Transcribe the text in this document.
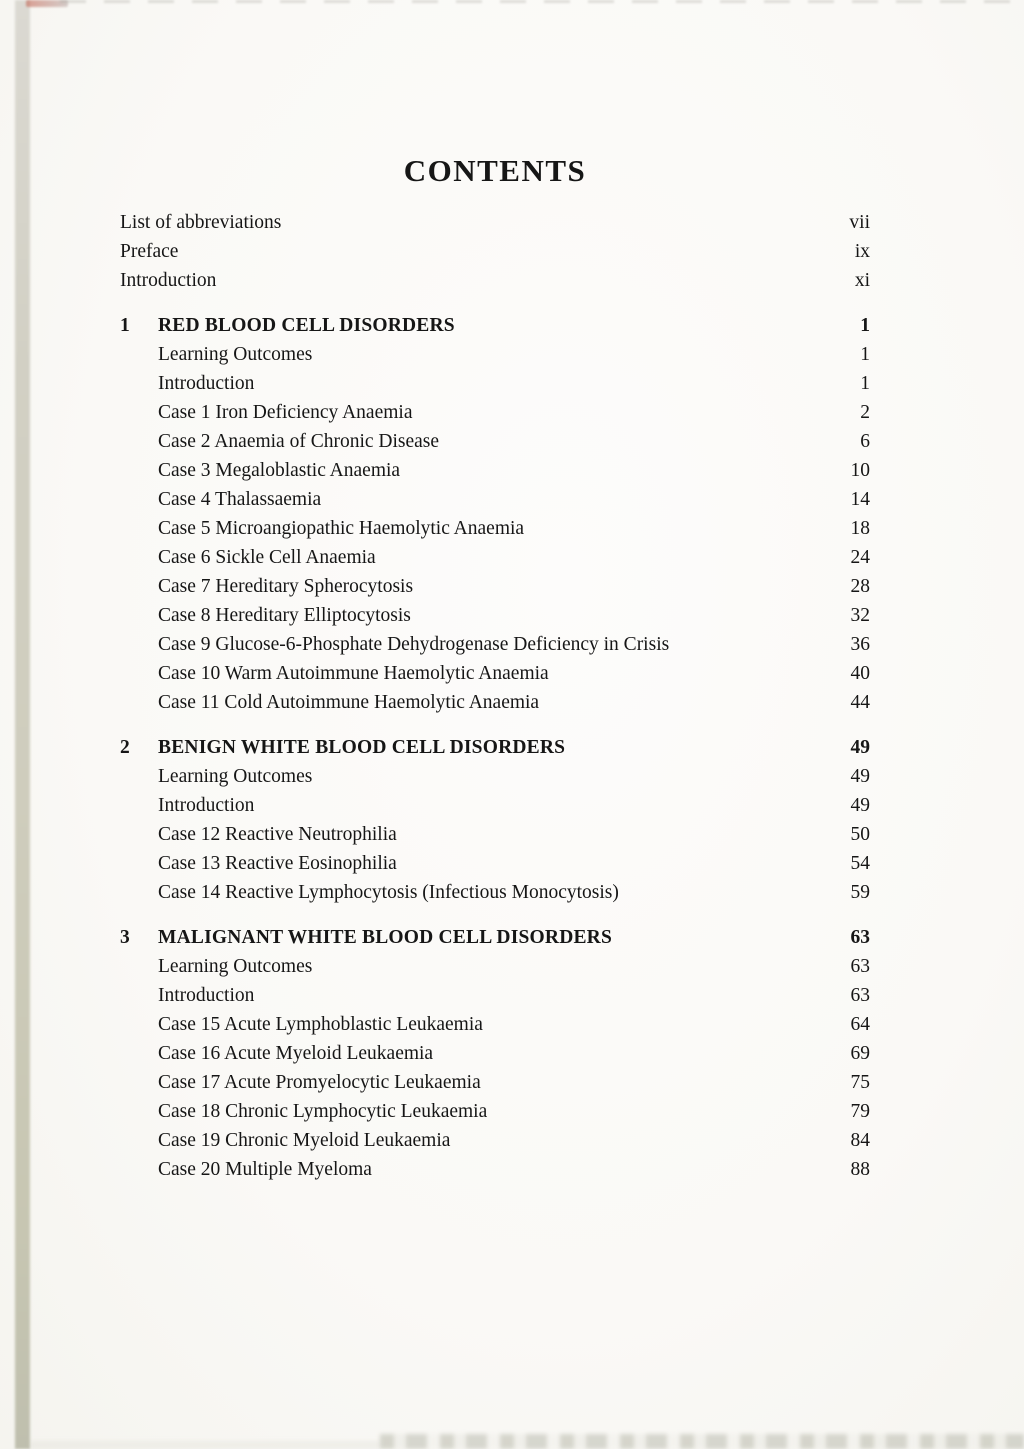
CONTENTS
List of abbreviations	vii
Preface	ix
Introduction	xi
1	RED BLOOD CELL DISORDERS	1
Learning Outcomes	1
Introduction	1
Case 1 Iron Deficiency Anaemia	2
Case 2 Anaemia of Chronic Disease	6
Case 3 Megaloblastic Anaemia	10
Case 4 Thalassaemia	14
Case 5 Microangiopathic Haemolytic Anaemia	18
Case 6 Sickle Cell Anaemia	24
Case 7 Hereditary Spherocytosis	28
Case 8 Hereditary Elliptocytosis	32
Case 9 Glucose-6-Phosphate Dehydrogenase Deficiency in Crisis	36
Case 10 Warm Autoimmune Haemolytic Anaemia	40
Case 11 Cold Autoimmune Haemolytic Anaemia	44
2	BENIGN WHITE BLOOD CELL DISORDERS	49
Learning Outcomes	49
Introduction	49
Case 12 Reactive Neutrophilia	50
Case 13 Reactive Eosinophilia	54
Case 14 Reactive Lymphocytosis (Infectious Monocytosis)	59
3	MALIGNANT WHITE BLOOD CELL DISORDERS	63
Learning Outcomes	63
Introduction	63
Case 15 Acute Lymphoblastic Leukaemia	64
Case 16 Acute Myeloid Leukaemia	69
Case 17 Acute Promyelocytic Leukaemia	75
Case 18 Chronic Lymphocytic Leukaemia	79
Case 19 Chronic Myeloid Leukaemia	84
Case 20 Multiple Myeloma	88
